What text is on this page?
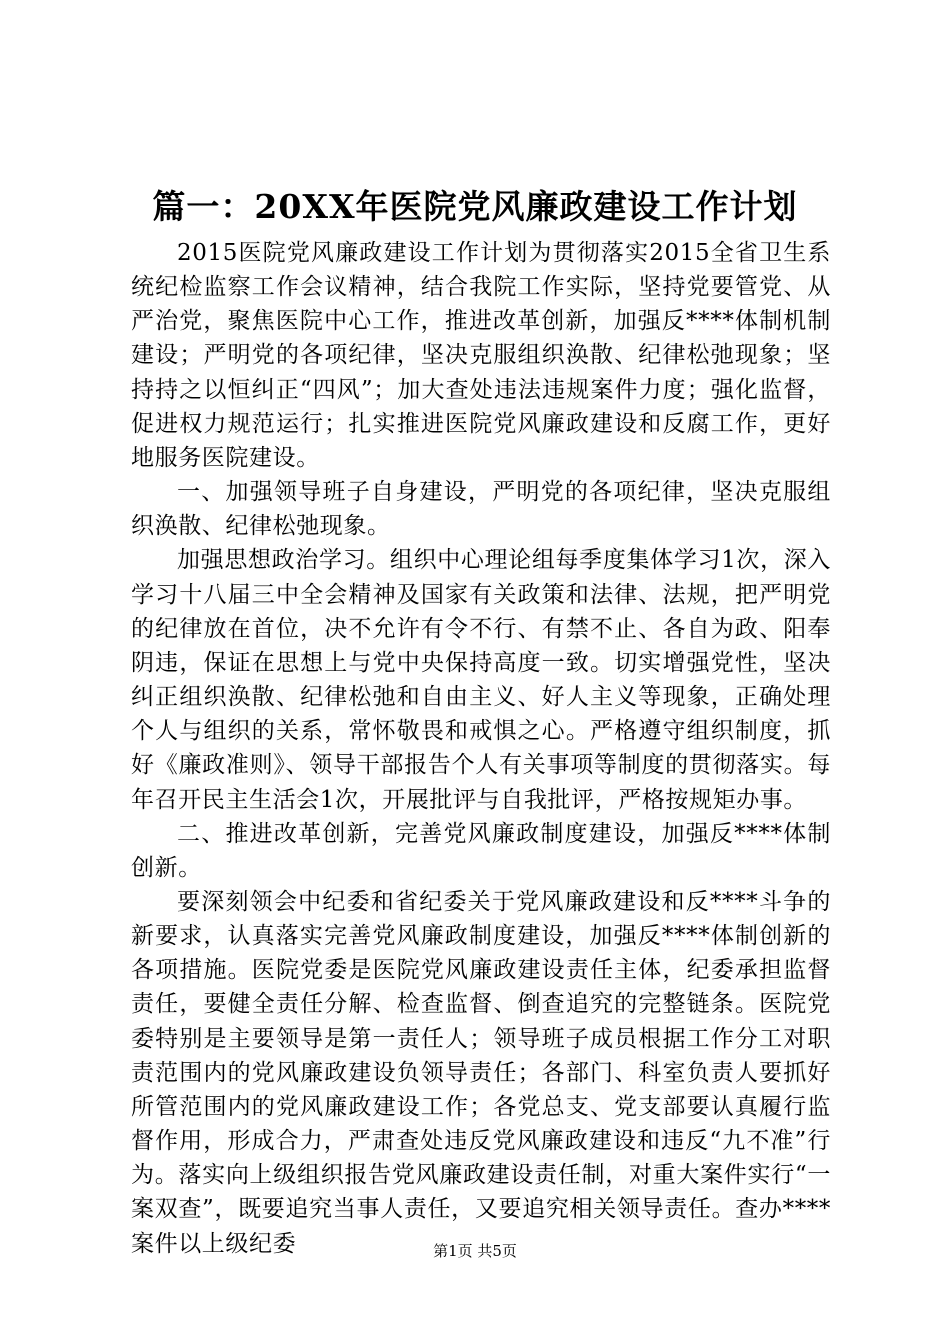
篇一：20XX年医院党风廉政建设工作计划

2015医院党风廉政建设工作计划为贯彻落实2015全省卫生系统纪检监察工作会议精神，结合我院工作实际，坚持党要管党、从严治党，聚焦医院中心工作，推进改革创新，加强反****体制机制建设；严明党的各项纪律，坚决克服组织涣散、纪律松弛现象；坚持持之以恒纠正“四风”；加大查处违法违规案件力度；强化监督，促进权力规范运行；扎实推进医院党风廉政建设和反腐工作，更好地服务医院建设。

一、加强领导班子自身建设，严明党的各项纪律，坚决克服组织涣散、纪律松弛现象。

加强思想政治学习。组织中心理论组每季度集体学习1次，深入学习十八届三中全会精神及国家有关政策和法律、法规，把严明党的纪律放在首位，决不允许有令不行、有禁不止、各自为政、阳奉阴违，保证在思想上与党中央保持高度一致。切实增强党性，坚决纠正组织涣散、纪律松弛和自由主义、好人主义等现象，正确处理个人与组织的关系，常怀敬畏和戒惧之心。严格遵守组织制度，抓好《廉政准则》、领导干部报告个人有关事项等制度的贯彻落实。每年召开民主生活会1次，开展批评与自我批评，严格按规矩办事。

二、推进改革创新，完善党风廉政制度建设，加强反****体制创新。

要深刻领会中纪委和省纪委关于党风廉政建设和反****斗争的新要求，认真落实完善党风廉政制度建设，加强反****体制创新的各项措施。医院党委是医院党风廉政建设责任主体，纪委承担监督责任，要健全责任分解、检查监督、倒查追究的完整链条。医院党委特别是主要领导是第一责任人；领导班子成员根据工作分工对职责范围内的党风廉政建设负领导责任；各部门、科室负责人要抓好所管范围内的党风廉政建设工作；各党总支、党支部要认真履行监督作用，形成合力，严肃查处违反党风廉政建设和违反“九不准”行为。落实向上级组织报告党风廉政建设责任制，对重大案件实行“一案双查”，既要追究当事人责任，又要追究相关领导责任。查办****案件以上级纪委	第1页 共5页
